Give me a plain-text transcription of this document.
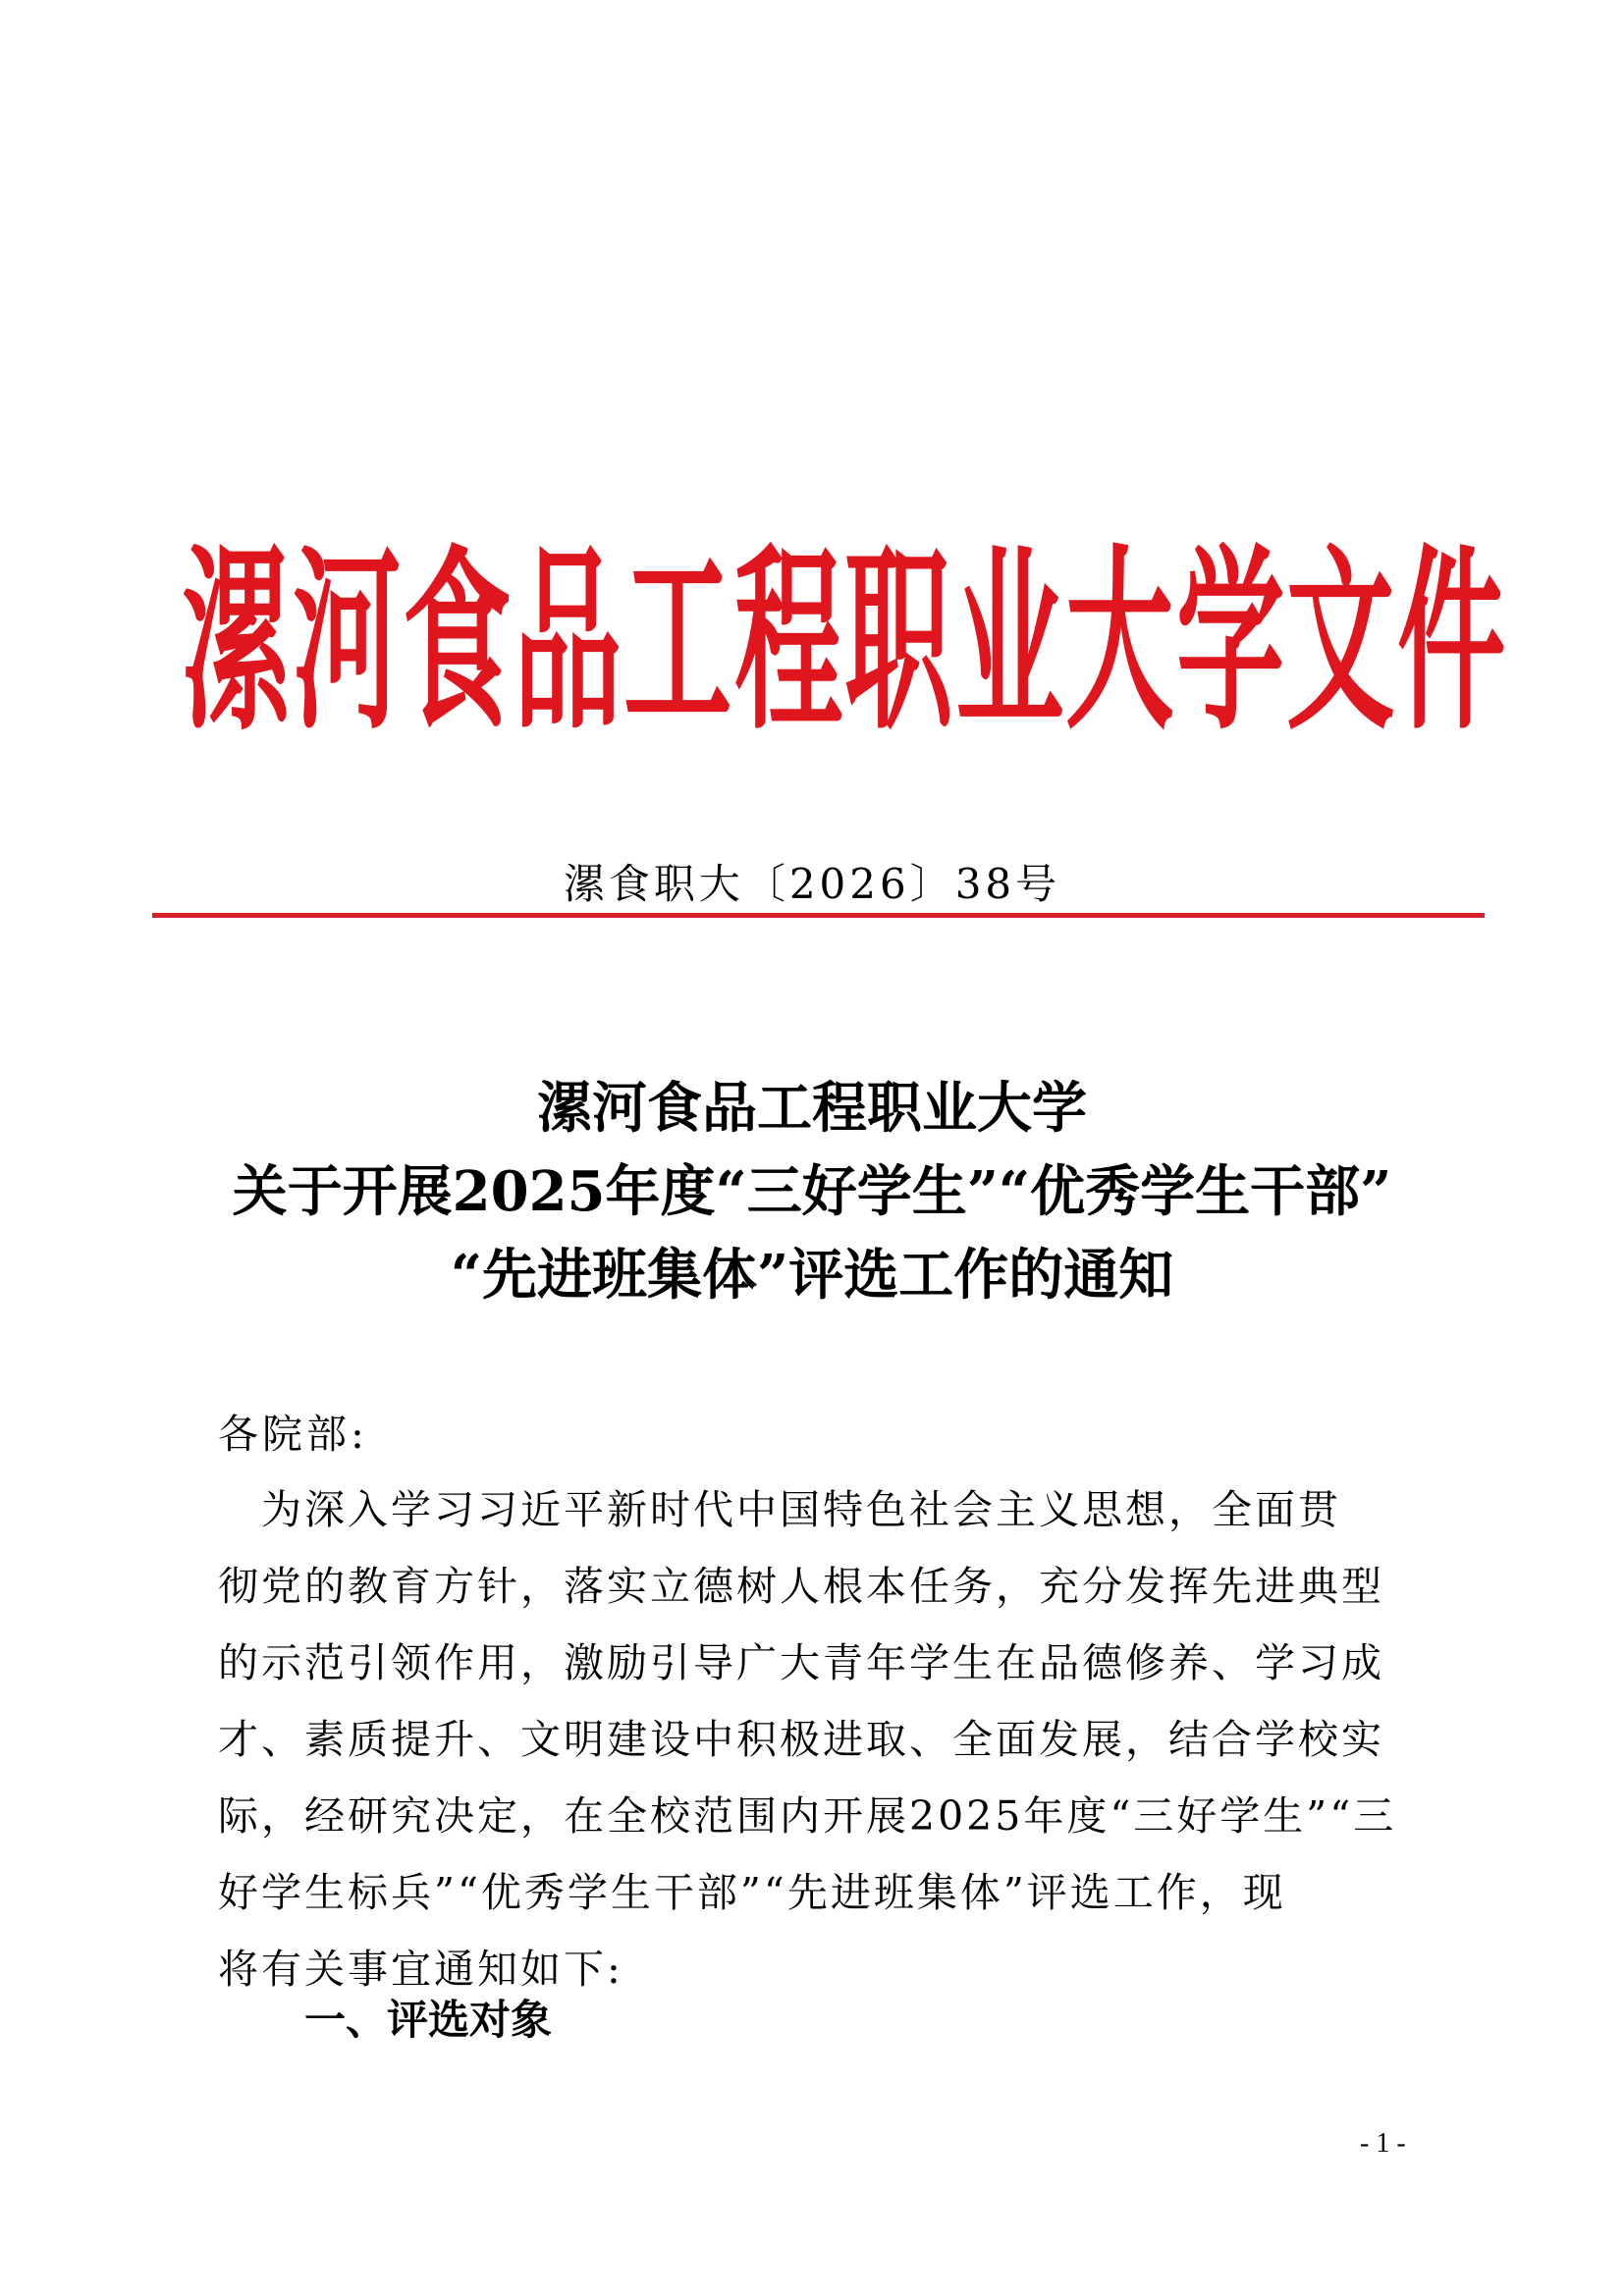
漯 河 食 品 工 程 职 业 大 学 文 件
漯食职大〔2026〕38号
漯河食品工程职业大学
关于开展2025年度“三好学生”“优秀学生干部”
“先进班集体”评选工作的通知
各院部:
　为深入学习习近平新时代中国特色社会主义思想，全面贯
彻党的教育方针，落实立德树人根本任务，充分发挥先进典型
的示范引领作用，激励引导广大青年学生在品德修养、学习成
才、素质提升、文明建设中积极进取、全面发展，结合学校实
际，经研究决定，在全校范围内开展2025年度“三好学生”“三
好学生标兵”“优秀学生干部”“先进班集体”评选工作，现
将有关事宜通知如下:
一、评选对象
- 1 -
